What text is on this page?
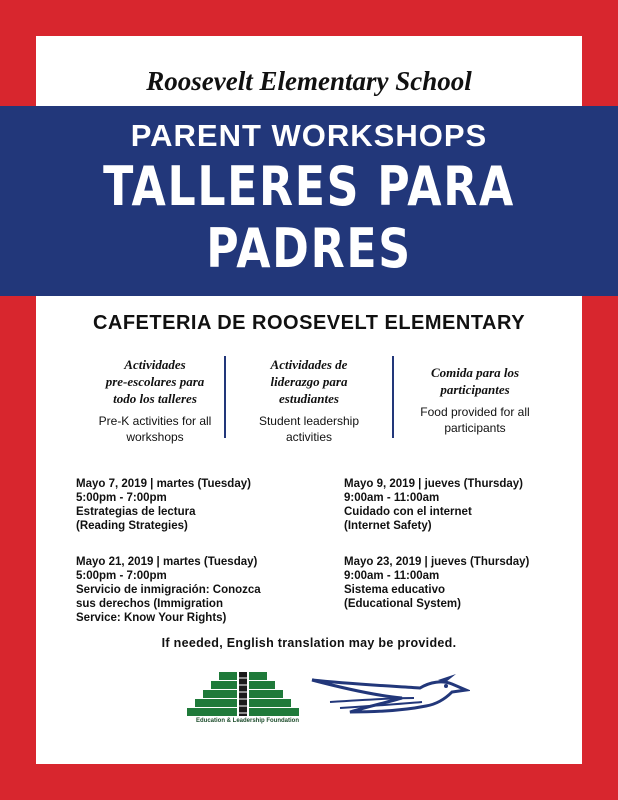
Roosevelt Elementary School
PARENT WORKSHOPS
TALLERES PARA
PADRES
CAFETERIA DE ROOSEVELT ELEMENTARY
Actividades
pre-escolares para
todo los talleres
Pre-K activities for all
workshops
Actividades de
liderazgo para
estudiantes
Student leadership
activities
Comida para los
participantes
Food provided for all
participants
Mayo 7, 2019 | martes (Tuesday)
5:00pm - 7:00pm
Estrategias de lectura
(Reading Strategies)
Mayo 9, 2019 | jueves (Thursday)
9:00am - 11:00am
Cuidado con el internet
(Internet Safety)
Mayo 21, 2019 | martes (Tuesday)
5:00pm - 7:00pm
Servicio de inmigración: Conozca
sus derechos (Immigration
Service: Know Your Rights)
Mayo 23, 2019 | jueves (Thursday)
9:00am - 11:00am
Sistema educativo
(Educational System)
If needed, English translation may be provided.
Education & Leadership Foundation
